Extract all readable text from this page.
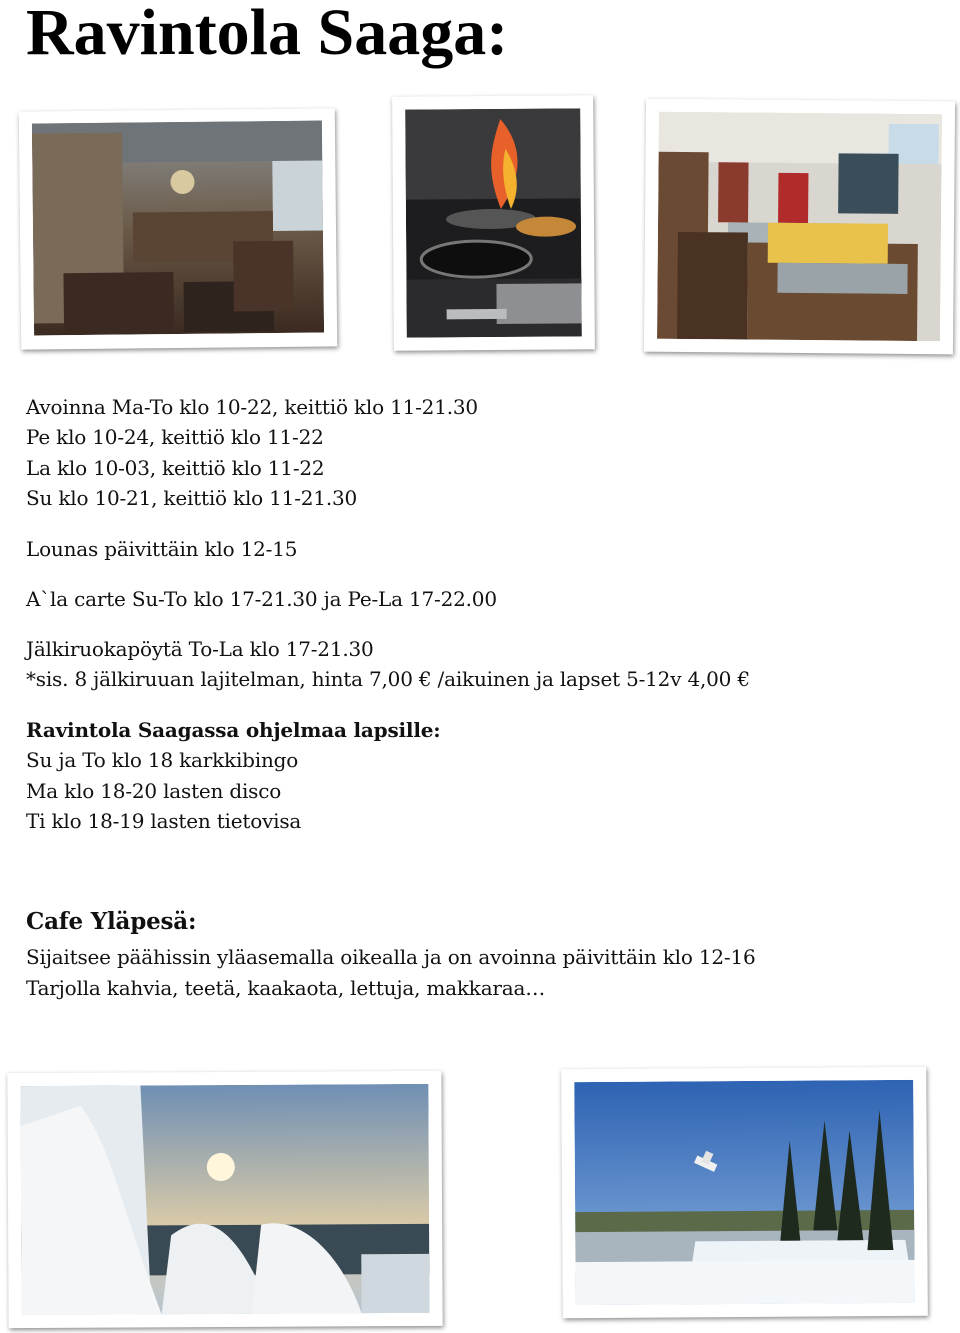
Ravintola Saaga:

Avoinna Ma-To klo 10-22, keittiö klo 11-21.30

Pe klo 10-24, keittiö klo 11-22

La klo 10-03, keittiö klo 11-22

Su klo 10-21, keittiö klo 11-21.30

Lounas päivittäin klo 12-15

A`la carte Su-To klo 17-21.30 ja Pe-La 17-22.00

Jälkiruokapöytä To-La klo 17-21.30

*sis. 8 jälkiruuan lajitelman, hinta 7,00 € /aikuinen ja lapset 5-12v 4,00 €

Ravintola Saagassa ohjelmaa lapsille:

Su ja To klo 18 karkkibingo

Ma klo 18-20 lasten disco

Ti klo 18-19 lasten tietovisa

Cafe Yläpesä:

Sijaitsee päähissin yläasemalla oikealla ja on avoinna päivittäin klo 12-16

Tarjolla kahvia, teetä, kaakaota, lettuja, makkaraa…
